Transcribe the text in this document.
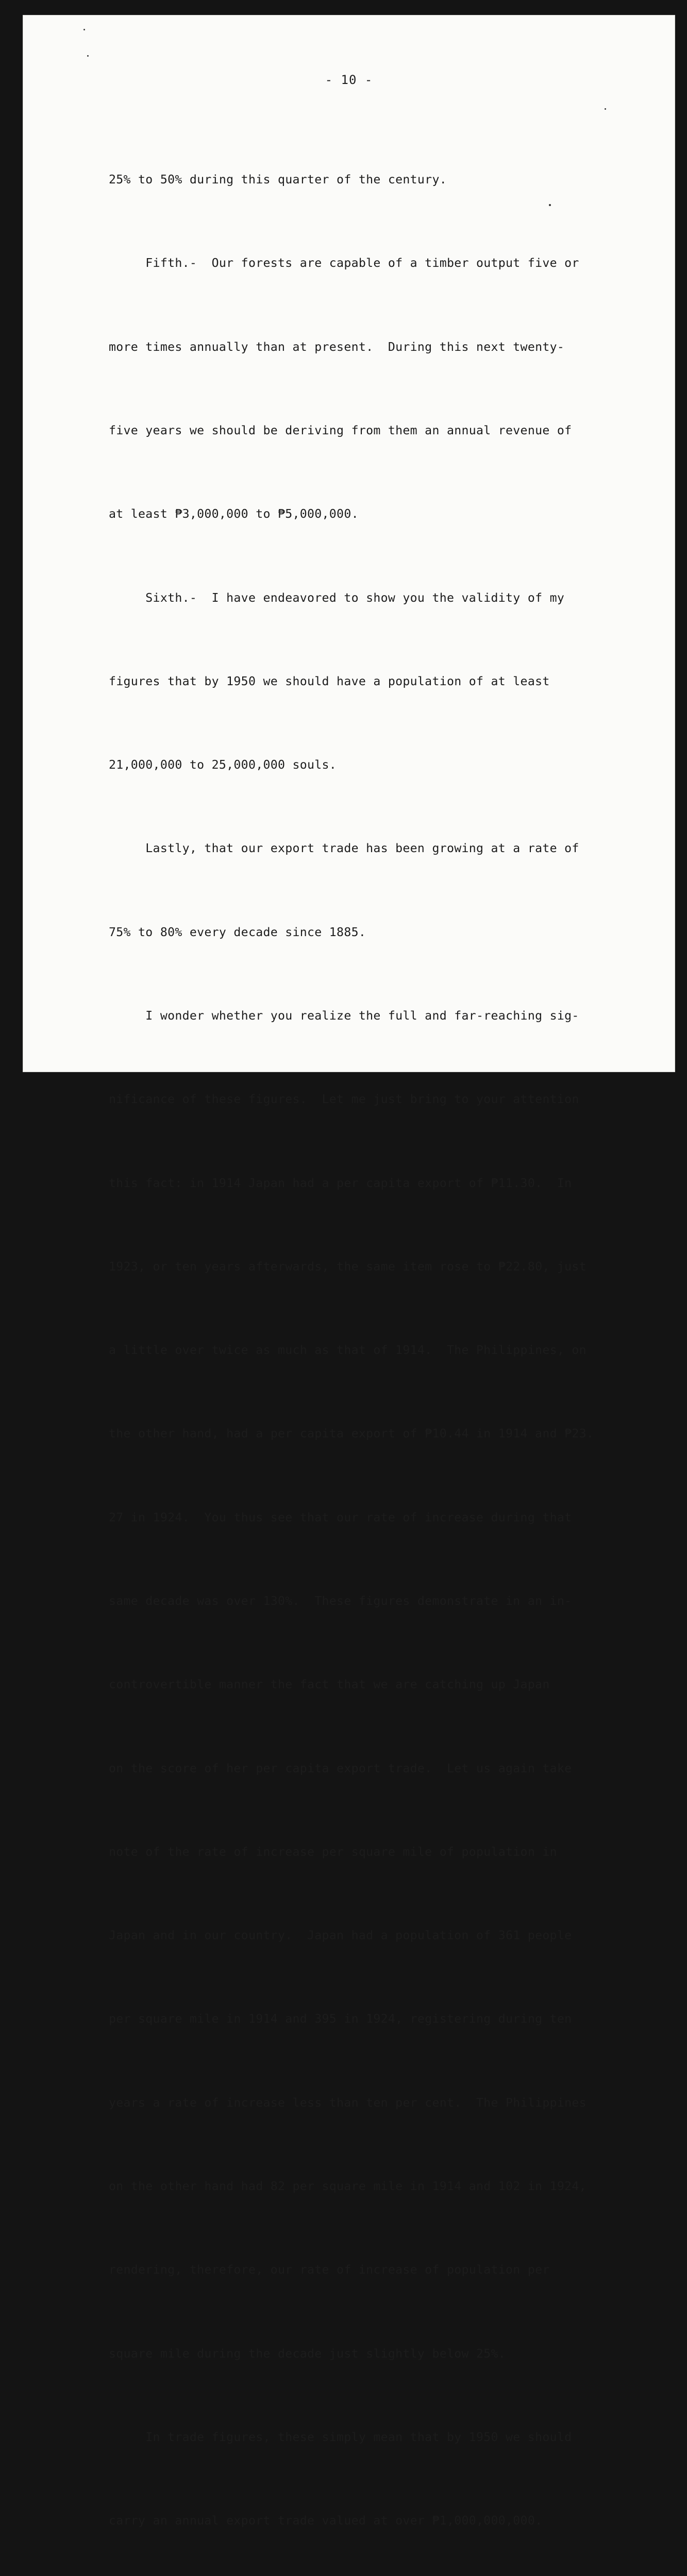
- 10 -

25% to 50% during this quarter of the century.

Fifth.-  Our forests are capable of a timber output five or

more times annually than at present.  During this next twenty-

five years we should be deriving from them an annual revenue of

at least ₱3,000,000 to ₱5,000,000.

Sixth.-  I have endeavored to show you the validity of my

figures that by 1950 we should have a population of at least

21,000,000 to 25,000,000 souls.

Lastly, that our export trade has been growing at a rate of

75% to 80% every decade since 1885.

I wonder whether you realize the full and far-reaching sig-

nificance of these figures.  Let me just bring to your attention

this fact: in 1914 Japan had a per capita export of ₱11.30.  In

1923, or ten years afterwards, the same item rose to ₱22.80, just

a little over twice as much as that of 1914.  The Philippines, on

the other hand, had a per capita export of ₱10.44 in 1914 and ₱23.

27 in 1924.  You thus see that our rate of increase during that

same decade was over 130%.  These figures demonstrate in an in-

controvertible manner the fact that we are catching up Japan

on the score of her per capita export trade.  Let us again take

note of the rate of increase per square mile of population in

Japan and in our country.  Japan had a population of 361 people

per square mile in 1914 and 395 in 1924, registering during ten

years a rate of increase less than ten per cent.  The Philippines

on the other hand had 82 per square mile in 1914 and 102 in 1924,

rendering, therefore, our rate of increase of population per

square mile during the decade just slightly below 25%.

In trade figures, these simply mean that by 1950 we should

carry an annual export trade valued at over ₱1,000,000,000.
